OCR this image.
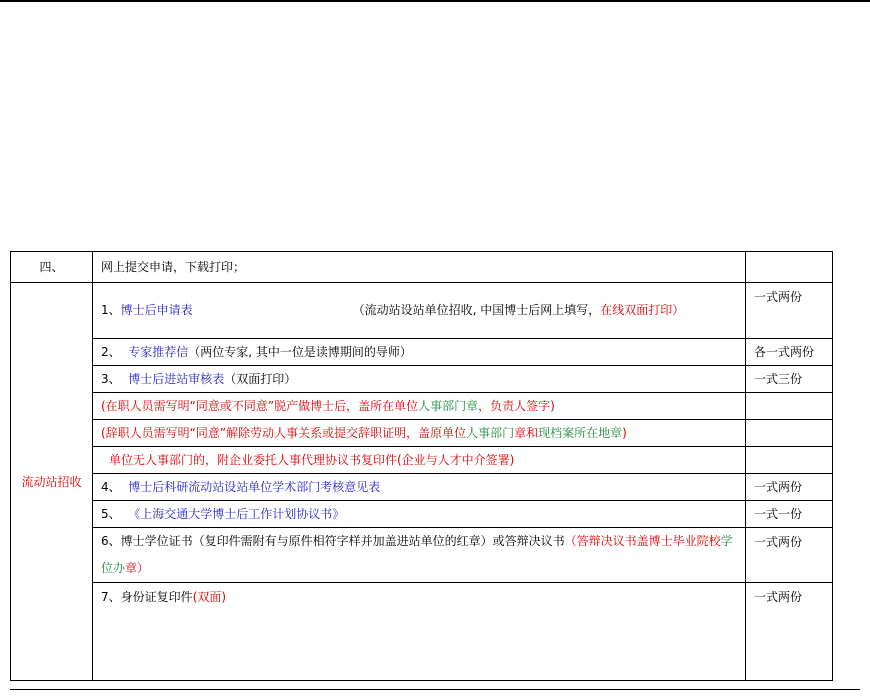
四、	网上提交申请，下载打印；	
流动站招收	1、博士后申请表 （流动站设站单位招收, 中国博士后网上填写，在线双面打印）	一式两份
	2、 专家推荐信（两位专家, 其中一位是读博期间的导师）	各一式两份
	3、 博士后进站审核表（双面打印）	一式三份
	(在职人员需写明“同意或不同意”脱产做博士后，盖所在单位人事部门章，负责人签字)	
	(辞职人员需写明“同意”解除劳动人事关系或提交辞职证明，盖原单位人事部门章和现档案所在地章)	
	单位无人事部门的，附企业委托人事代理协议书复印件(企业与人才中介签署)	
	4、 博士后科研流动站设站单位学术部门考核意见表	一式两份
	5、 《上海交通大学博士后工作计划协议书》	一式一份
	6、博士学位证书（复印件需附有与原件相符字样并加盖进站单位的红章）或答辩决议书（答辩决议书盖博士毕业院校学位办章）	一式两份
	7、身份证复印件(双面)	一式两份
